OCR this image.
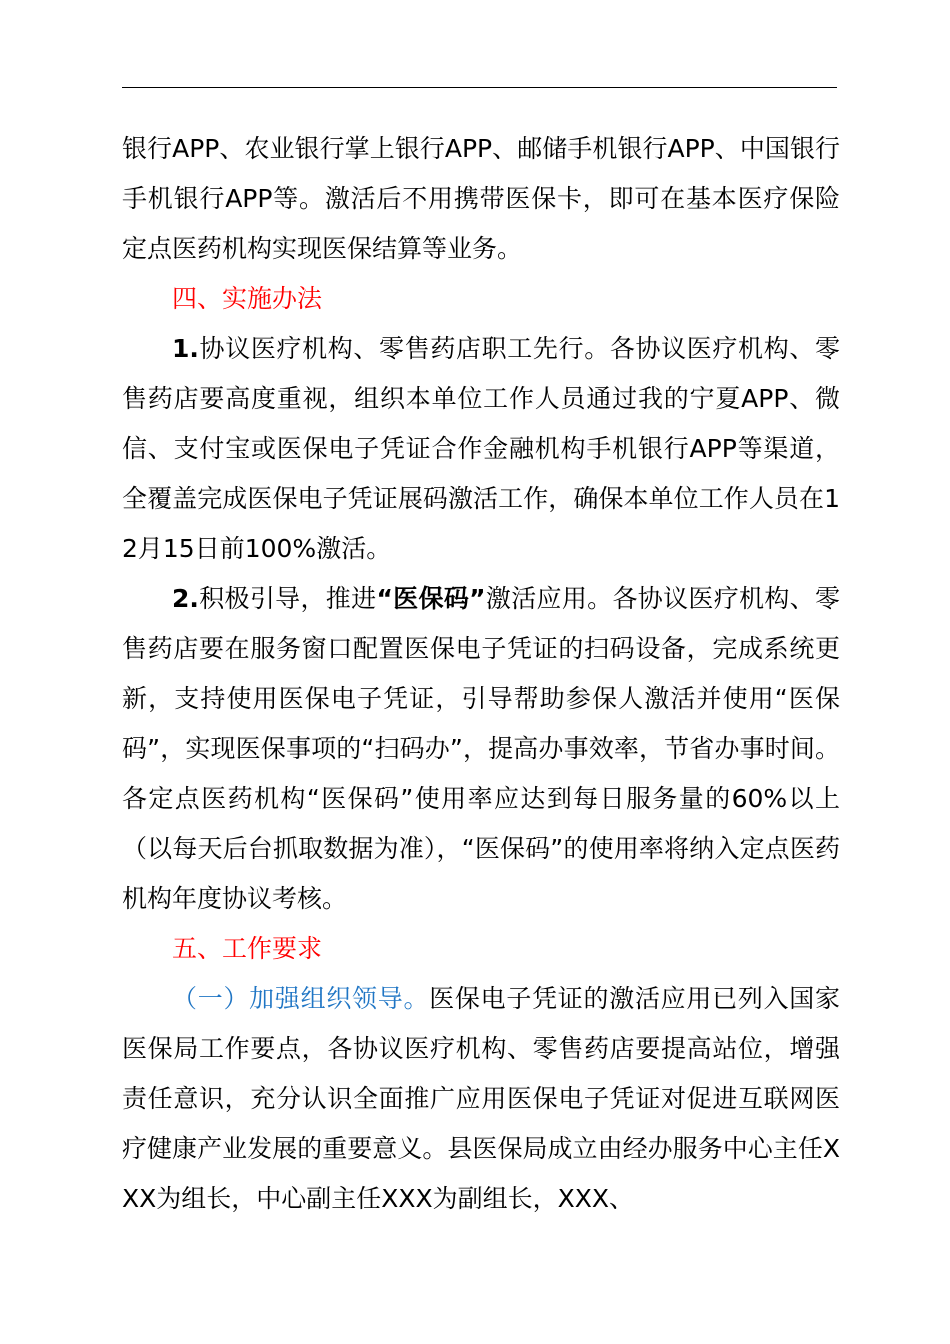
银行APP、农业银行掌上银行APP、邮储手机银行APP、中国银行手机银行APP等。激活后不用携带医保卡，即可在基本医疗保险定点医药机构实现医保结算等业务。

四、实施办法

1.协议医疗机构、零售药店职工先行。各协议医疗机构、零售药店要高度重视，组织本单位工作人员通过我的宁夏APP、微信、支付宝或医保电子凭证合作金融机构手机银行APP等渠道，全覆盖完成医保电子凭证展码激活工作，确保本单位工作人员在12月15日前100%激活。

2.积极引导，推进“医保码”激活应用。各协议医疗机构、零售药店要在服务窗口配置医保电子凭证的扫码设备，完成系统更新，支持使用医保电子凭证，引导帮助参保人激活并使用“医保码”，实现医保事项的“扫码办”，提高办事效率，节省办事时间。各定点医药机构“医保码”使用率应达到每日服务量的60%以上（以每天后台抓取数据为准），“医保码”的使用率将纳入定点医药机构年度协议考核。

五、工作要求

（一）加强组织领导。医保电子凭证的激活应用已列入国家医保局工作要点，各协议医疗机构、零售药店要提高站位，增强责任意识，充分认识全面推广应用医保电子凭证对促进互联网医疗健康产业发展的重要意义。县医保局成立由经办服务中心主任XXX为组长，中心副主任XXX为副组长，XXX、
